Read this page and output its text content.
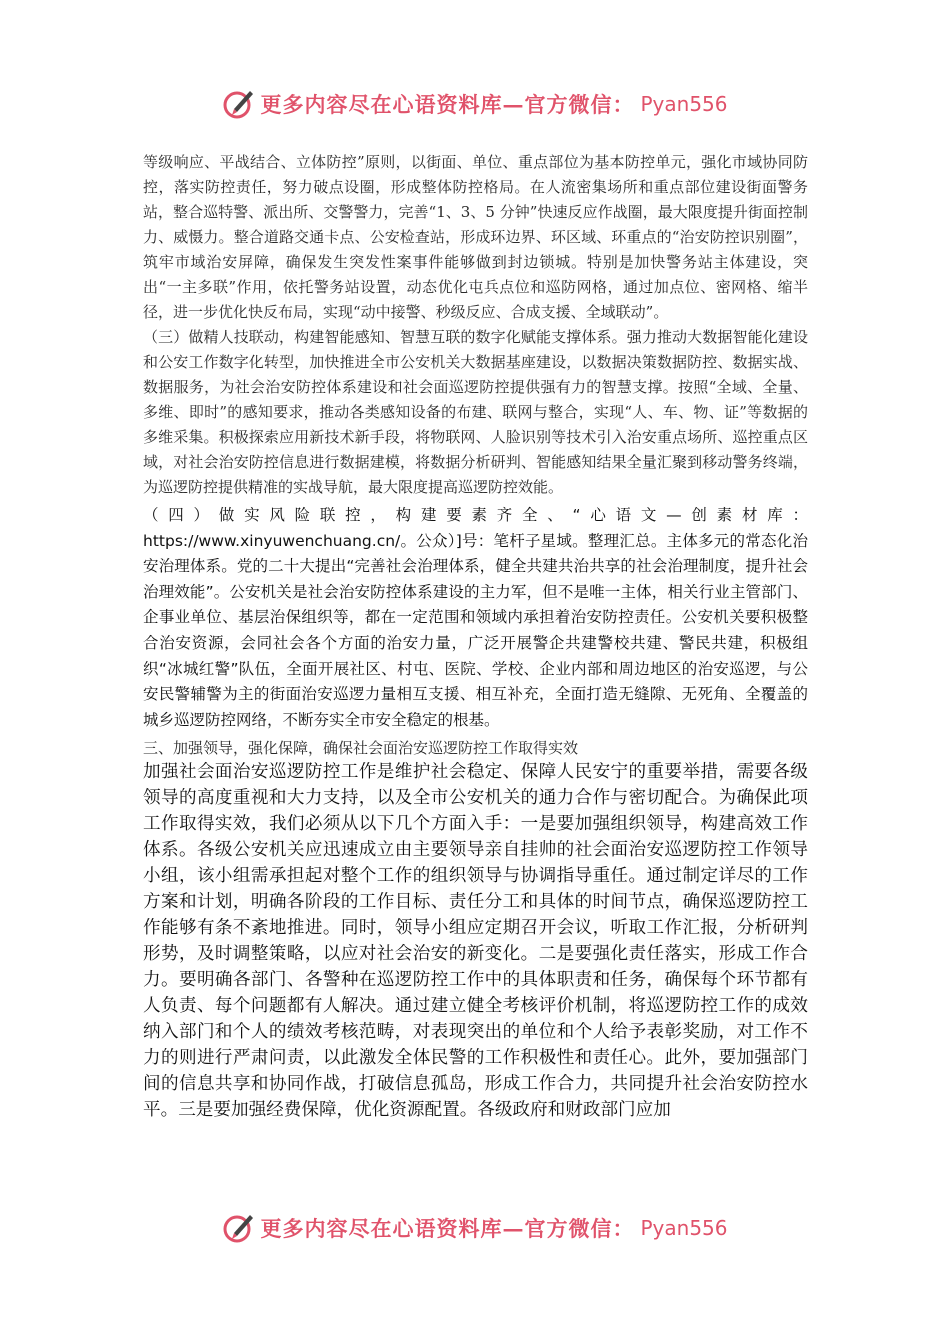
更多内容尽在心语资料库—官方微信： Pyan556

等级响应、平战结合、立体防控”原则，以街面、单位、重点部位为基本防控单元，强化市域协同防控，落实防控责任，努力破点设圈，形成整体防控格局。在人流密集场所和重点部位建设街面警务站，整合巡特警、派出所、交警警力，完善“1、3、5 分钟”快速反应作战圈，最大限度提升街面控制力、威慑力。整合道路交通卡点、公安检查站，形成环边界、环区域、环重点的“治安防控识别圈”，筑牢市域治安屏障，确保发生突发性案事件能够做到封边锁城。特别是加快警务站主体建设，突出“一主多联”作用，依托警务站设置，动态优化屯兵点位和巡防网格，通过加点位、密网格、缩半径，进一步优化快反布局，实现“动中接警、秒级反应、合成支援、全域联动”。

（三）做精人技联动，构建智能感知、智慧互联的数字化赋能支撑体系。强力推动大数据智能化建设和公安工作数字化转型，加快推进全市公安机关大数据基座建设，以数据决策数据防控、数据实战、数据服务，为社会治安防控体系建设和社会面巡逻防控提供强有力的智慧支撑。按照“全域、全量、多维、即时”的感知要求，推动各类感知设备的布建、联网与整合，实现“人、车、物、证”等数据的多维采集。积极探索应用新技术新手段，将物联网、人脸识别等技术引入治安重点场所、巡控重点区域，对社会治安防控信息进行数据建模，将数据分析研判、智能感知结果全量汇聚到移动警务终端，为巡逻防控提供精准的实战导航，最大限度提高巡逻防控效能。

（四）做实风险联控，构建要素齐全、“心语文—创素材库：https://www.xinyuwenchuang.cn/。公众）]号：笔杆子星域。整理汇总。主体多元的常态化治安治理体系。党的二十大提出“完善社会治理体系，健全共建共治共享的社会治理制度，提升社会治理效能”。公安机关是社会治安防控体系建设的主力军，但不是唯一主体，相关行业主管部门、企事业单位、基层治保组织等，都在一定范围和领域内承担着治安防控责任。公安机关要积极整合治安资源，会同社会各个方面的治安力量，广泛开展警企共建警校共建、警民共建，积极组织“冰城红警”队伍，全面开展社区、村屯、医院、学校、企业内部和周边地区的治安巡逻，与公安民警辅警为主的街面治安巡逻力量相互支援、相互补充，全面打造无缝隙、无死角、全覆盖的城乡巡逻防控网络，不断夯实全市安全稳定的根基。

三、加强领导，强化保障，确保社会面治安巡逻防控工作取得实效

加强社会面治安巡逻防控工作是维护社会稳定、保障人民安宁的重要举措，需要各级领导的高度重视和大力支持，以及全市公安机关的通力合作与密切配合。为确保此项工作取得实效，我们必须从以下几个方面入手：一是要加强组织领导，构建高效工作体系。各级公安机关应迅速成立由主要领导亲自挂帅的社会面治安巡逻防控工作领导小组，该小组需承担起对整个工作的组织领导与协调指导重任。通过制定详尽的工作方案和计划，明确各阶段的工作目标、责任分工和具体的时间节点，确保巡逻防控工作能够有条不紊地推进。同时，领导小组应定期召开会议，听取工作汇报，分析研判形势，及时调整策略，以应对社会治安的新变化。二是要强化责任落实，形成工作合力。要明确各部门、各警种在巡逻防控工作中的具体职责和任务，确保每个环节都有人负责、每个问题都有人解决。通过建立健全考核评价机制，将巡逻防控工作的成效纳入部门和个人的绩效考核范畴，对表现突出的单位和个人给予表彰奖励，对工作不力的则进行严肃问责，以此激发全体民警的工作积极性和责任心。此外，要加强部门间的信息共享和协同作战，打破信息孤岛，形成工作合力，共同提升社会治安防控水平。三是要加强经费保障，优化资源配置。各级政府和财政部门应加

更多内容尽在心语资料库—官方微信： Pyan556
